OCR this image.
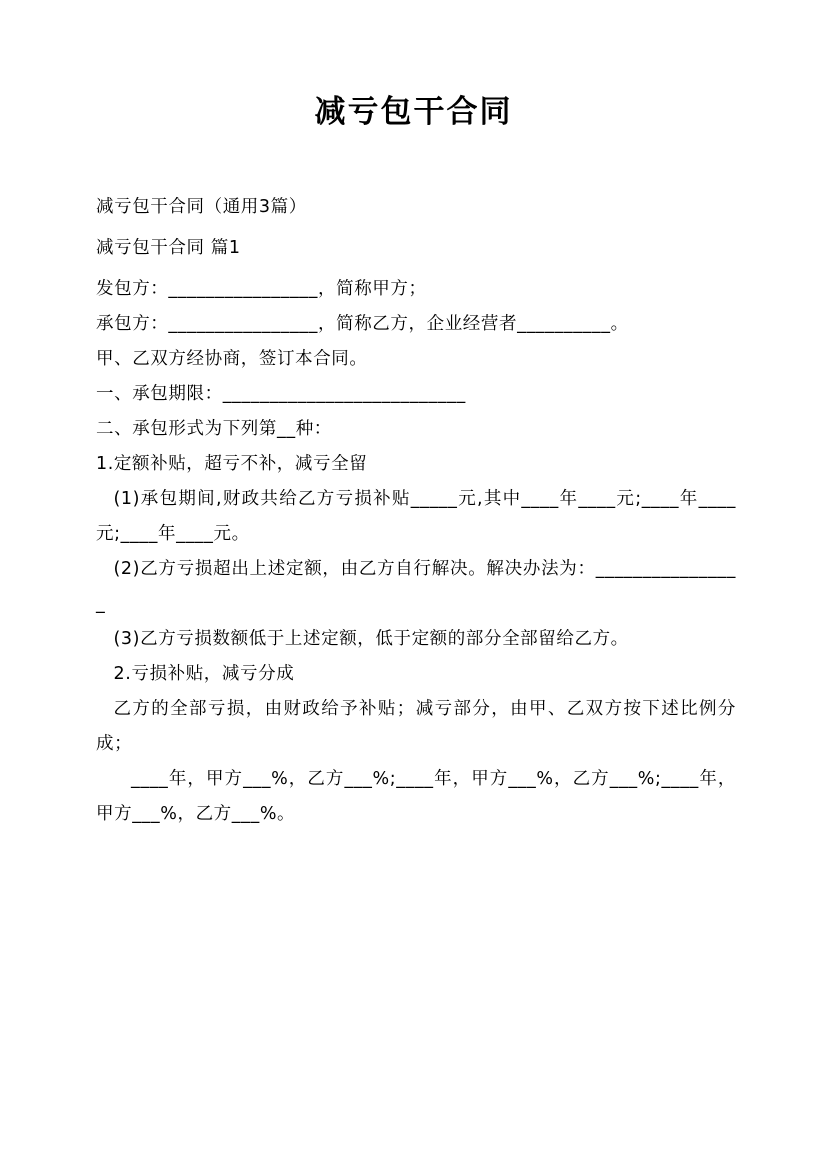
减亏包干合同

减亏包干合同（通用3篇）

减亏包干合同 篇1

发包方：________________，简称甲方；

承包方：________________，简称乙方，企业经营者__________。

甲、乙双方经协商，签订本合同。

一、承包期限：__________________________

二、承包形式为下列第__种：

1.定额补贴，超亏不补，减亏全留

(1)承包期间,财政共给乙方亏损补贴_____元,其中____年____元;____年____元;____年____元。

(2)乙方亏损超出上述定额，由乙方自行解决。解决办法为：________________

(3)乙方亏损数额低于上述定额，低于定额的部分全部留给乙方。

2.亏损补贴，减亏分成

乙方的全部亏损，由财政给予补贴；减亏部分，由甲、乙双方按下述比例分成；

____年，甲方___%，乙方___%;____年，甲方___%，乙方___%;____年，甲方___%，乙方___%。
